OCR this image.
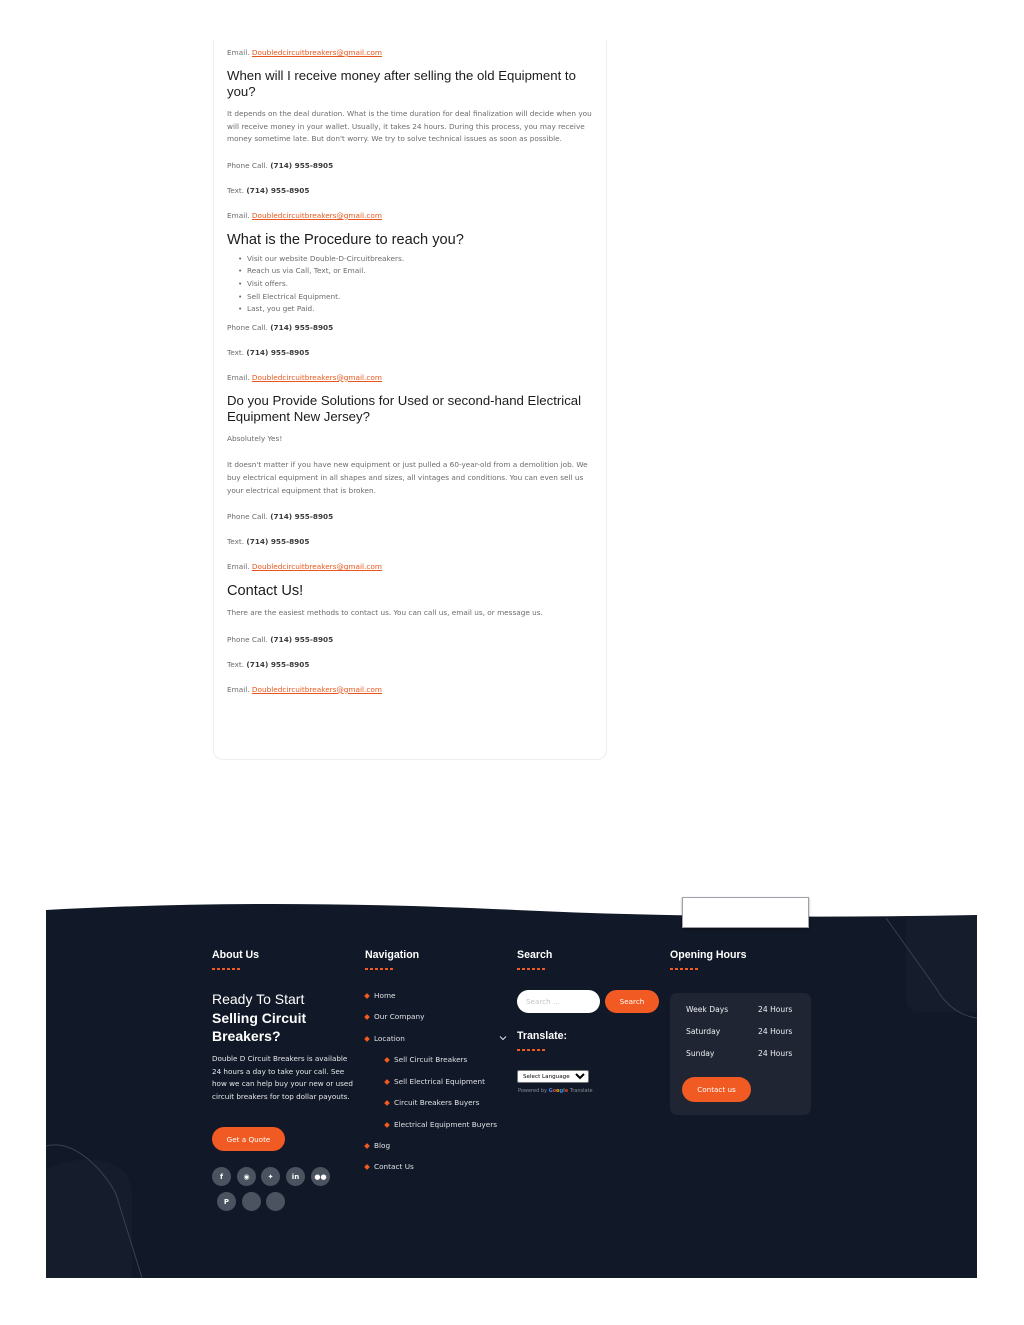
Email. Doubledcircuitbreakers@gmail.com
When will I receive money after selling the old Equipment to you?

It depends on the deal duration. What is the time duration for deal finalization will decide when you will receive money in your wallet. Usually, it takes 24 hours. During this process, you may receive money sometime late. But don't worry. We try to solve technical issues as soon as possible.

Phone Call. (714) 955-8905
Text. (714) 955-8905
Email. Doubledcircuitbreakers@gmail.com
What is the Procedure to reach you?
• Visit our website Double-D-Circuitbreakers.
• Reach us via Call, Text, or Email.
• Visit offers.
• Sell Electrical Equipment.
• Last, you get Paid.
Phone Call. (714) 955-8905
Text. (714) 955-8905
Email. Doubledcircuitbreakers@gmail.com
Do you Provide Solutions for Used or second-hand Electrical Equipment New Jersey?

Absolutely Yes!

It doesn't matter if you have new equipment or just pulled a 60-year-old from a demolition job. We buy electrical equipment in all shapes and sizes, all vintages and conditions. You can even sell us your electrical equipment that is broken.

Phone Call. (714) 955-8905
Text. (714) 955-8905
Email. Doubledcircuitbreakers@gmail.com
Contact Us!

There are the easiest methods to contact us. You can call us, email us, or message us.

Phone Call. (714) 955-8905
Text. (714) 955-8905
Email. Doubledcircuitbreakers@gmail.com
About Us
Ready To Start
Selling Circuit Breakers?

Double D Circuit Breakers is available 24 hours a day to take your call. See how we can help buy your new or used circuit breakers for top dollar payouts.

Get a Quote
f	◉	✦	in	●●
P
Navigation
Home
Our Company
Location
Sell Circuit Breakers
Sell Electrical Equipment
Circuit Breakers Buyers
Electrical Equipment Buyers
Blog
Contact Us
Search
Search ...
Search
Translate:
Select Language
Powered by Google Translate
Opening Hours
Week Days	24 Hours
Saturday	24 Hours
Sunday	24 Hours
Contact us
